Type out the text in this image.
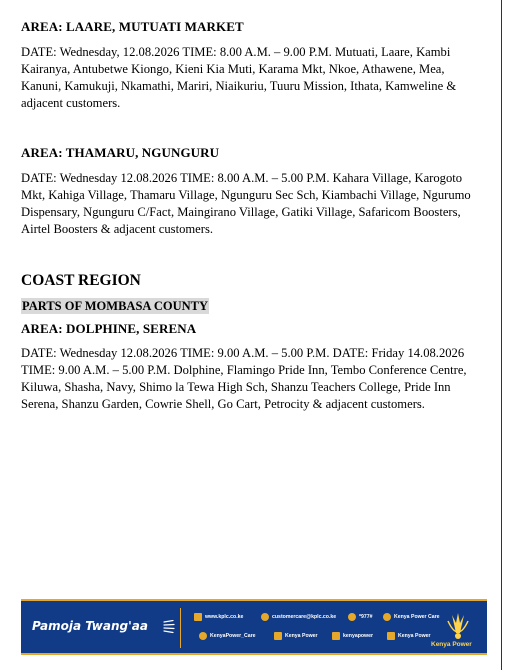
AREA: LAARE, MUTUATI MARKET

DATE: Wednesday, 12.08.2026 TIME: 8.00 A.M. – 9.00 P.M. Mutuati, Laare, Kambi Kairanya, Antubetwe Kiongo, Kieni Kia Muti, Karama Mkt, Nkoe, Athawene, Mea, Kanuni, Kamukuji, Nkamathi, Mariri, Niaikuriu, Tuuru Mission, Ithata, Kamweline & adjacent customers.

AREA: THAMARU, NGUNGURU

DATE: Wednesday 12.08.2026 TIME: 8.00 A.M. – 5.00 P.M. Kahara Village, Karogoto Mkt, Kahiga Village, Thamaru Village, Ngunguru Sec Sch, Kiambachi Village, Ngurumo Dispensary, Ngunguru C/Fact, Maingirano Village, Gatiki Village, Safaricom Boosters, Airtel Boosters & adjacent customers.

COAST REGION

PARTS OF MOMBASA COUNTY

AREA: DOLPHINE, SERENA

DATE: Wednesday 12.08.2026 TIME: 9.00 A.M. – 5.00 P.M. DATE: Friday 14.08.2026 TIME: 9.00 A.M. – 5.00 P.M. Dolphine, Flamingo Pride Inn, Tembo Conference Centre, Kiluwa, Shasha, Navy, Shimo la Tewa High Sch, Shanzu Teachers College, Pride Inn Serena, Shanzu Garden, Cowrie Shell, Go Cart, Petrocity & adjacent customers.

Pamoja Twang'aa
www.kplc.co.ke	customercare@kplc.co.ke	*977#	Kenya Power Care
KenyaPower_Care	Kenya Power	kenyapower	Kenya Power
Kenya Power
